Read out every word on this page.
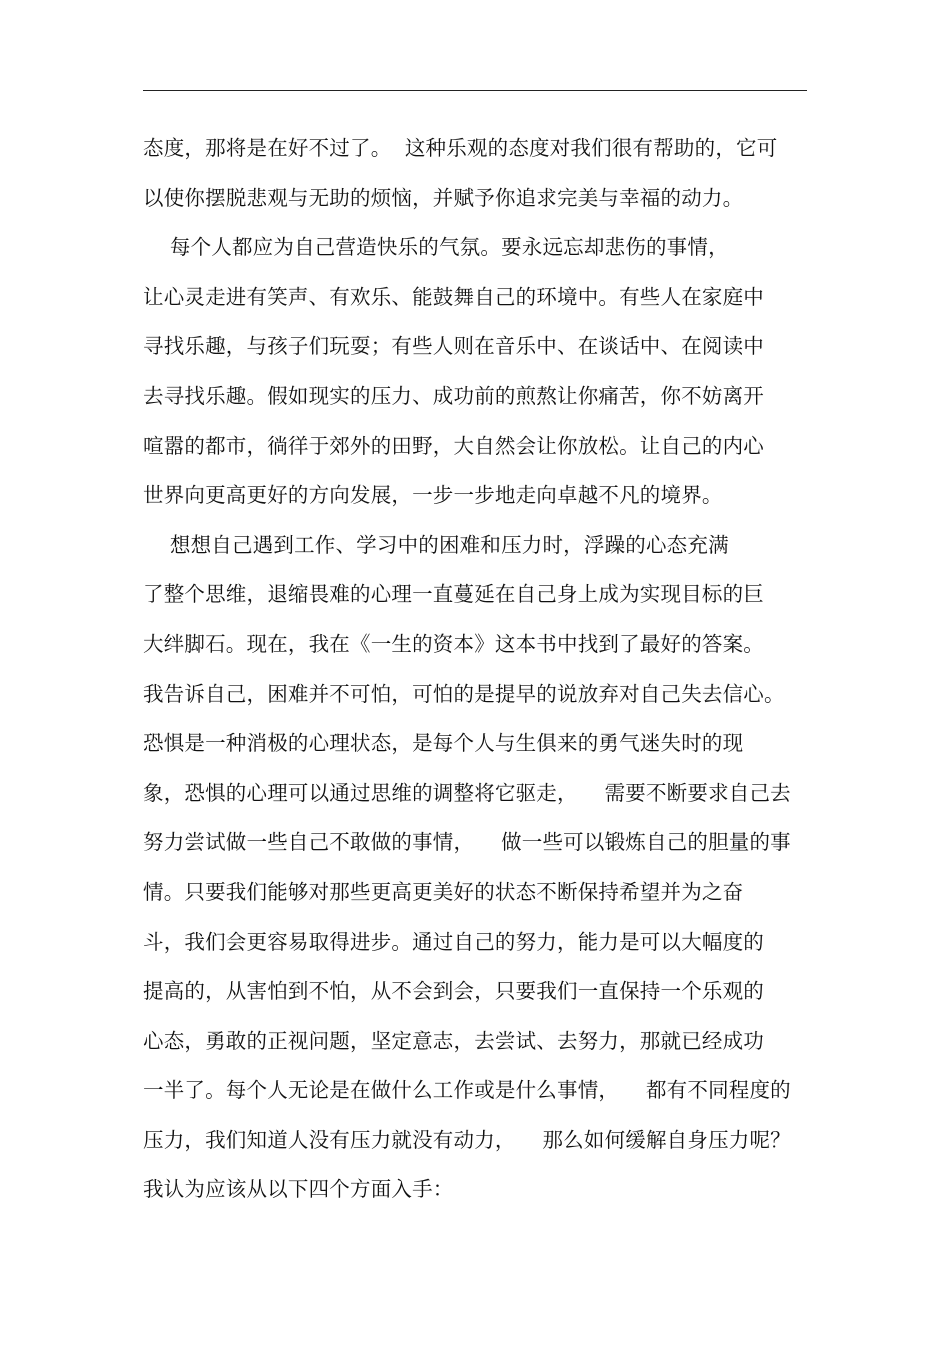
态度，那将是在好不过了。  这种乐观的态度对我们很有帮助的，它可
以使你摆脱悲观与无助的烦恼，并赋予你追求完美与幸福的动力。
每个人都应为自己营造快乐的气氛。要永远忘却悲伤的事情，
让心灵走进有笑声、有欢乐、能鼓舞自己的环境中。有些人在家庭中
寻找乐趣，与孩子们玩耍；有些人则在音乐中、在谈话中、在阅读中
去寻找乐趣。假如现实的压力、成功前的煎熬让你痛苦，你不妨离开
喧嚣的都市，徜徉于郊外的田野，大自然会让你放松。让自己的内心
世界向更高更好的方向发展，一步一步地走向卓越不凡的境界。
想想自己遇到工作、学习中的困难和压力时，浮躁的心态充满
了整个思维，退缩畏难的心理一直蔓延在自己身上成为实现目标的巨
大绊脚石。现在，我在《一生的资本》这本书中找到了最好的答案。
我告诉自己，困难并不可怕，可怕的是提早的说放弃对自己失去信心。
恐惧是一种消极的心理状态，是每个人与生俱来的勇气迷失时的现
象，恐惧的心理可以通过思维的调整将它驱走，    需要不断要求自己去
努力尝试做一些自己不敢做的事情，    做一些可以锻炼自己的胆量的事
情。只要我们能够对那些更高更美好的状态不断保持希望并为之奋
斗，我们会更容易取得进步。通过自己的努力，能力是可以大幅度的
提高的，从害怕到不怕，从不会到会，只要我们一直保持一个乐观的
心态，勇敢的正视问题，坚定意志，去尝试、去努力，那就已经成功
一半了。每个人无论是在做什么工作或是什么事情，    都有不同程度的
压力，我们知道人没有压力就没有动力，    那么如何缓解自身压力呢？
我认为应该从以下四个方面入手：
